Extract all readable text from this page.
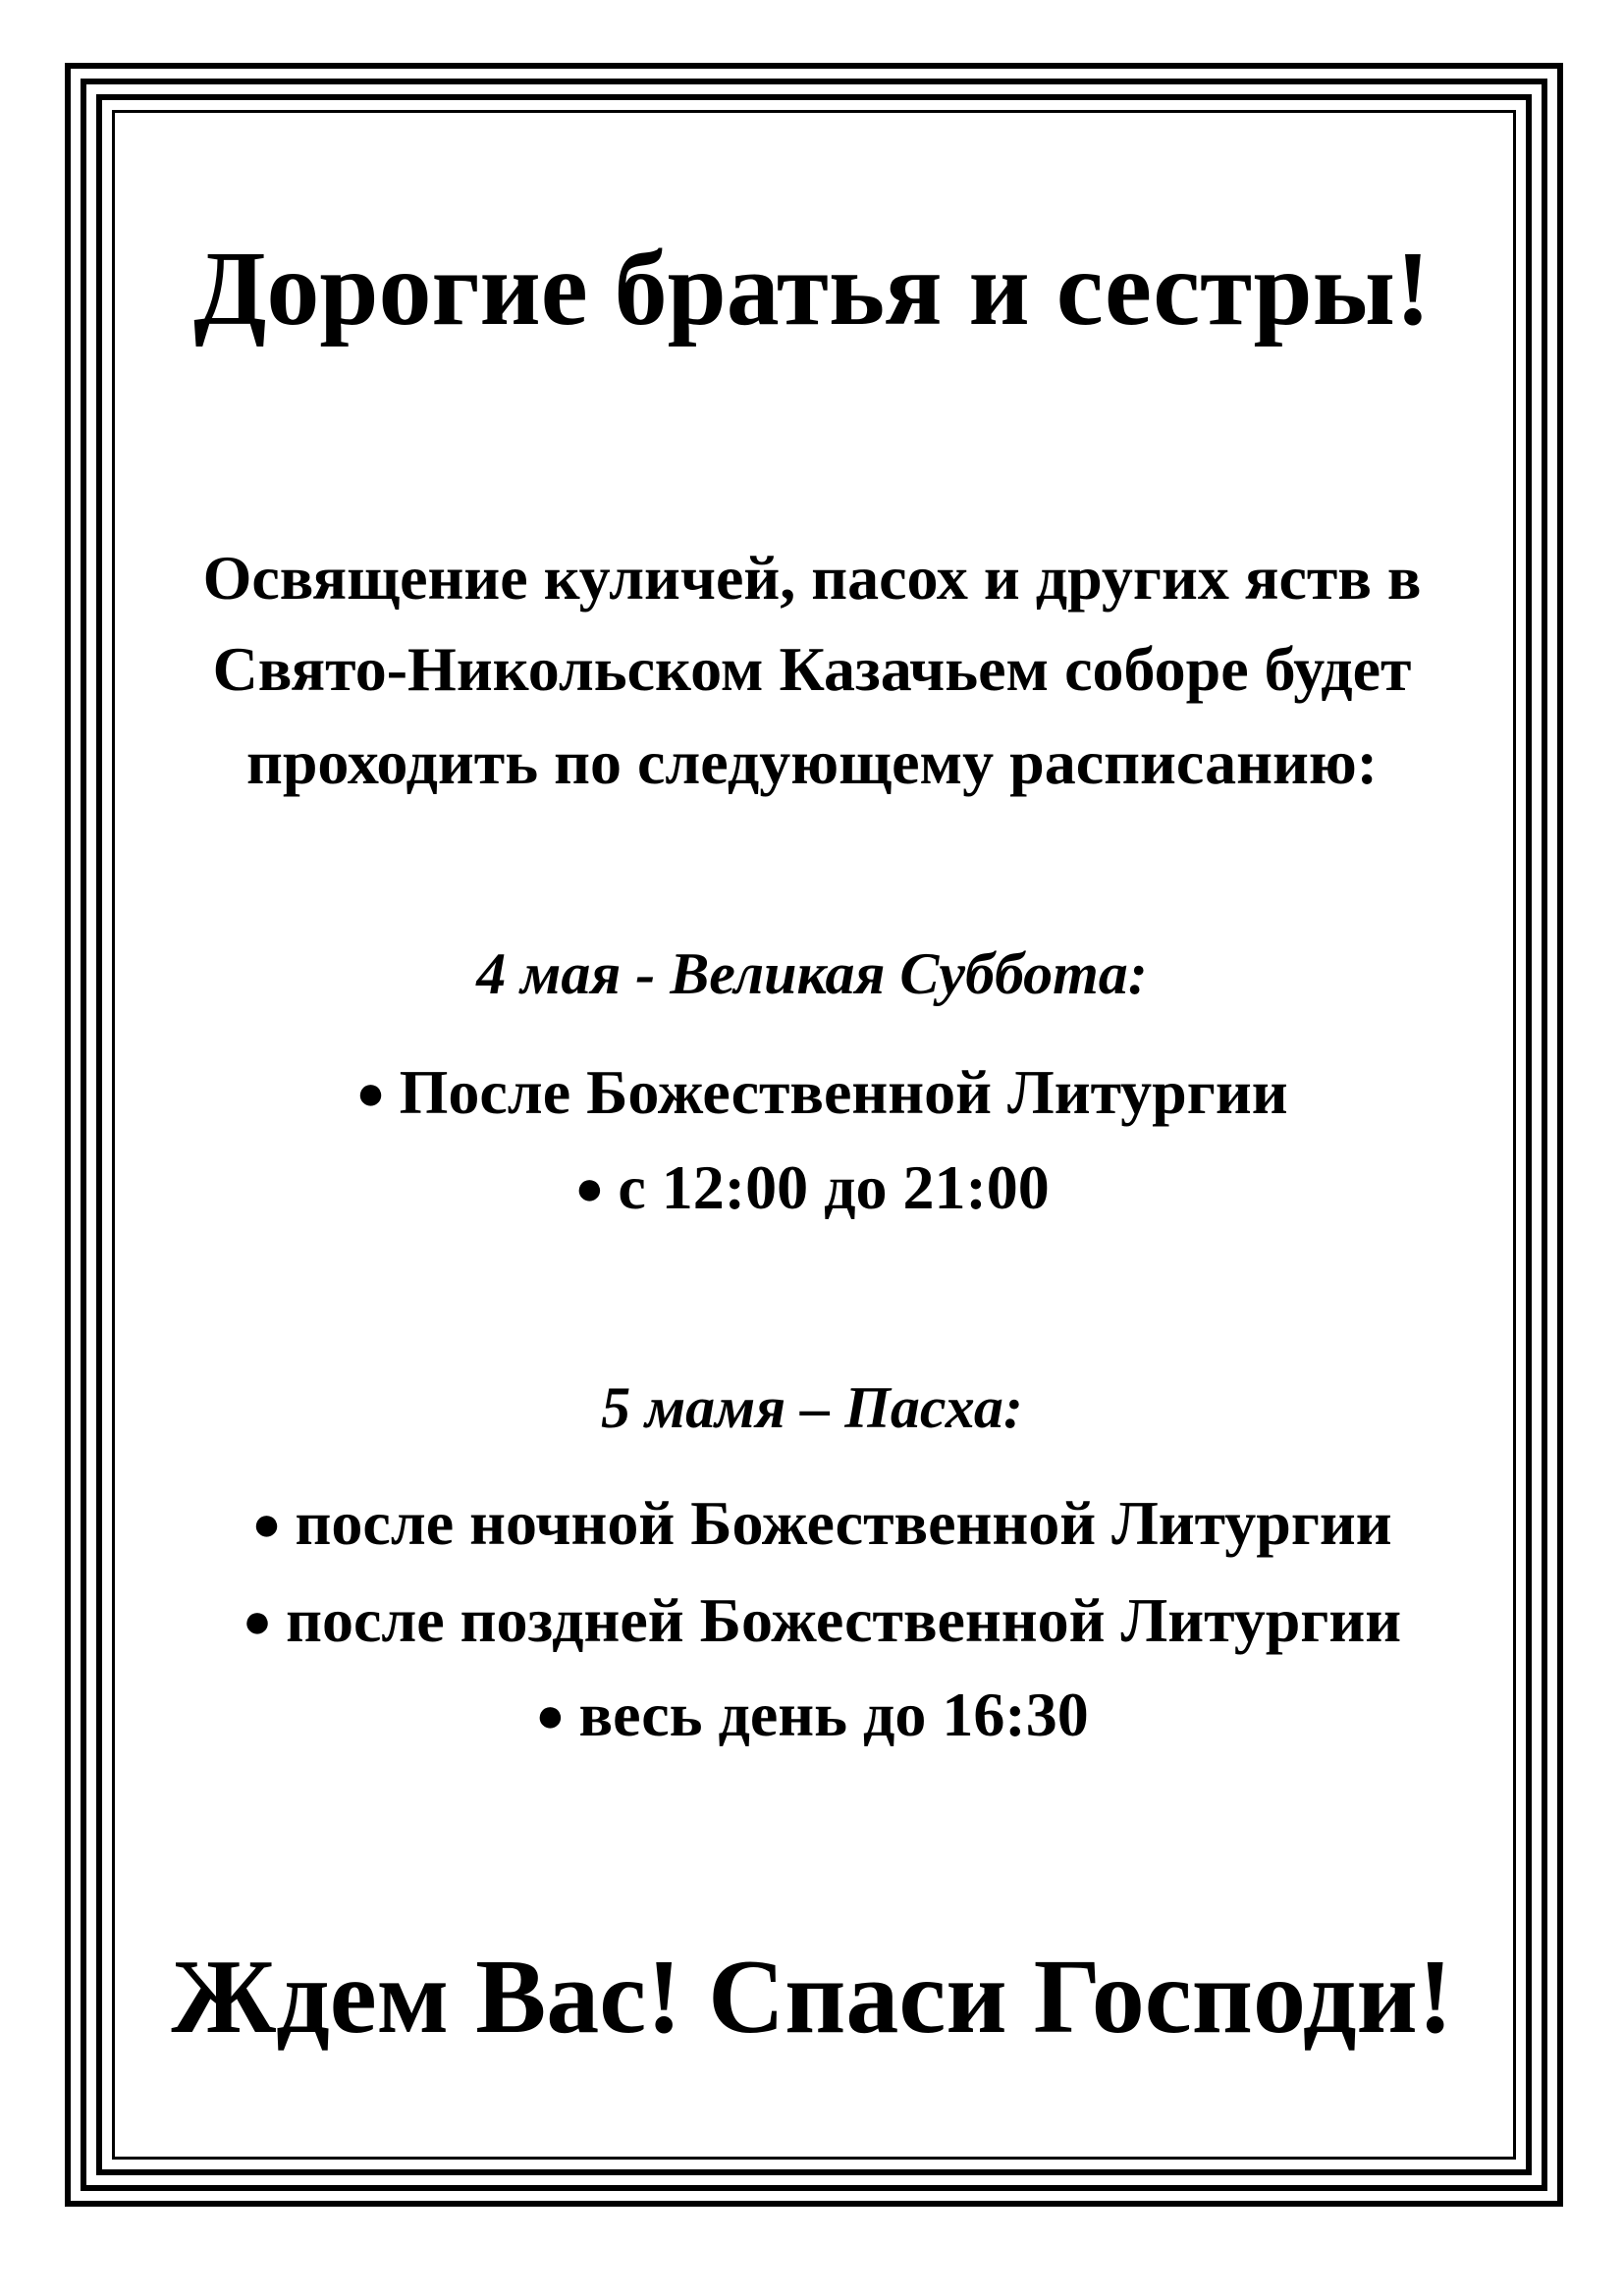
Дорогие братья и сестры!
Освящение куличей, пасох и других яств в
Свято-Никольском Казачьем соборе будет
проходить по следующему расписанию:
4 мая - Великая Суббота:
● После Божественной Литургии
● с 12:00 до 21:00
5 мамя – Пасха:
● после ночной Божественной Литургии
● после поздней Божественной Литургии
● весь день до 16:30
Ждем Вас! Спаси Господи!
